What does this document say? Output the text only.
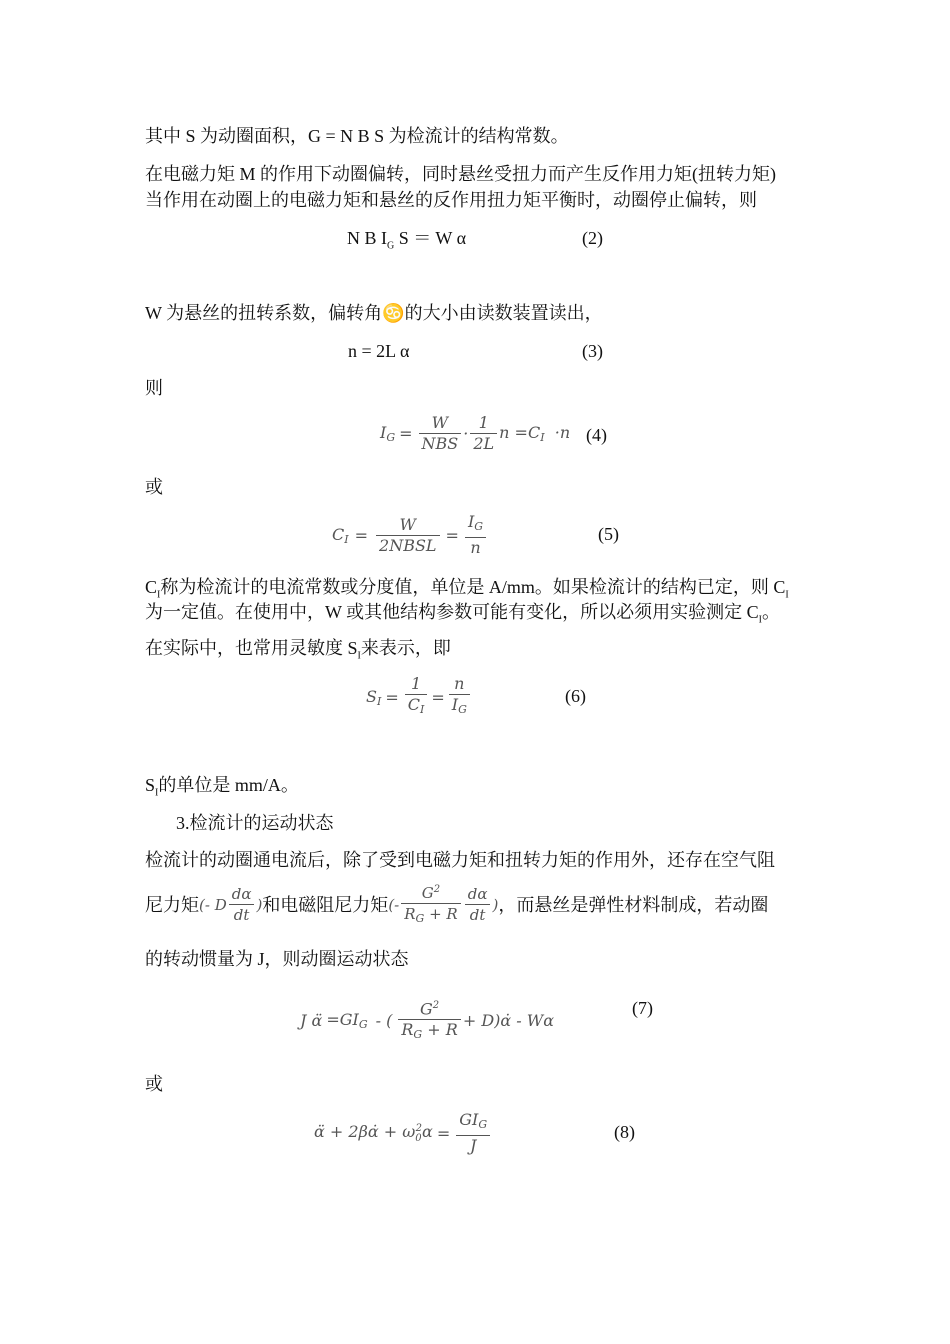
其中 S 为动圈面积，G = N B S 为检流计的结构常数。
在电磁力矩 M 的作用下动圈偏转，同时悬丝受扭力而产生反作用力矩(扭转力矩)
当作用在动圈上的电磁力矩和悬丝的反作用扭力矩平衡时，动圈停止偏转，则
N B $I_G$ S ＝ W α	(2)
W 为悬丝的扭转系数，偏转角♋的大小由读数装置读出，
n = 2L α	(3)
则
IG = $\frac{W}{\text{NBS}} \cdot \frac{1}{2L}$ n =CI  ·n (4)
或
CI = $\frac{W}{\text{2NBSL}} = \frac{IG}{n}$	(5)
$C_I$称为检流计的电流常数或分度值，单位是 A/mm。如果检流计的结构已定，则 $C_I$
为一定值。在使用中，W 或其他结构参数可能有变化，所以必须用实验测定 $C_I$。
在实际中，也常用灵敏度 $S_I$来表示，即
SI = $\frac{1}{CI} = \frac{n}{IG}$	(6)
$S_I$的单位是 mm/A。
3.检流计的运动状态
检流计的动圈通电流后，除了受到电磁力矩和扭转力矩的作用外，还存在空气阻
尼力矩 (- D $\frac{d\alpha}{dt}$ ) 和电磁阻尼力矩 (- $\frac{G^2}{R_G + R} \frac{d\alpha}{dt}$ ) ，而悬丝是弹性材料制成，若动圈
的转动惯量为 J，则动圈运动状态
J α̈ =GIG - ( $\frac{G^2}{RG + R}$ + D)α̇ - Wα
(7)
或
α̈ + 2βα̇ + $\omega_0^2\alpha = \frac{\text{GIG}}{J}$	(8)
